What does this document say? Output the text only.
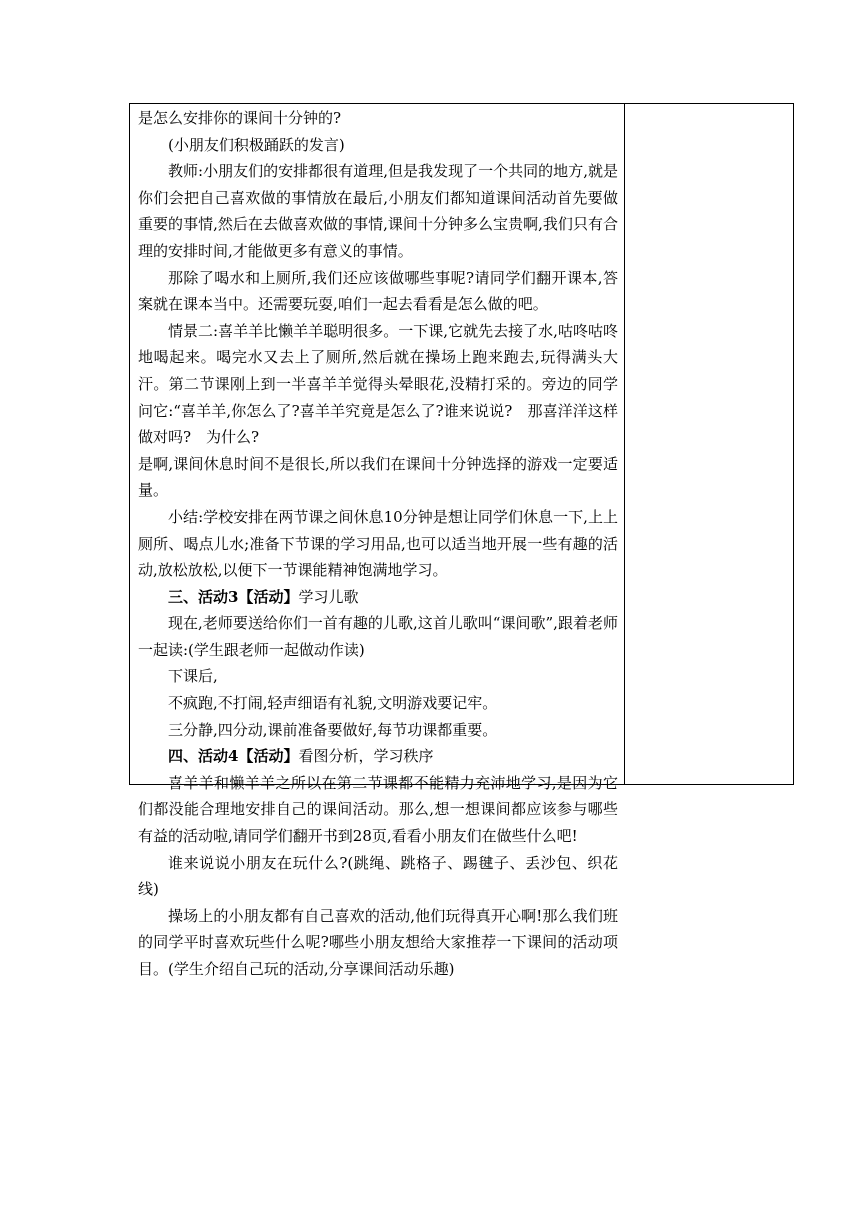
是怎么安排你的课间十分钟的?

(小朋友们积极踊跃的发言)

教师:小朋友们的安排都很有道理,但是我发现了一个共同的地方,就是你们会把自己喜欢做的事情放在最后,小朋友们都知道课间活动首先要做重要的事情,然后在去做喜欢做的事情,课间十分钟多么宝贵啊,我们只有合理的安排时间,才能做更多有意义的事情。

那除了喝水和上厕所,我们还应该做哪些事呢?请同学们翻开课本,答案就在课本当中。还需要玩耍,咱们一起去看看是怎么做的吧。

情景二:喜羊羊比懒羊羊聪明很多。一下课,它就先去接了水,咕咚咕咚地喝起来。喝完水又去上了厕所,然后就在操场上跑来跑去,玩得满头大汗。第二节课刚上到一半喜羊羊觉得头晕眼花,没精打采的。旁边的同学问它:“喜羊羊,你怎么了?喜羊羊究竟是怎么了?谁来说说?　那喜洋洋这样做对吗?　为什么?

是啊,课间休息时间不是很长,所以我们在课间十分钟选择的游戏一定要适量。

小结:学校安排在两节课之间休息10分钟是想让同学们休息一下,上上厕所、喝点儿水;准备下节课的学习用品,也可以适当地开展一些有趣的活动,放松放松,以便下一节课能精神饱满地学习。

三、活动3【活动】学习儿歌

现在,老师要送给你们一首有趣的儿歌,这首儿歌叫“课间歌”,跟着老师一起读:(学生跟老师一起做动作读)

下课后,

不疯跑,不打闹,轻声细语有礼貌,文明游戏要记牢。

三分静,四分动,课前准备要做好,每节功课都重要。

四、活动4【活动】看图分析，学习秩序

喜羊羊和懒羊羊之所以在第二节课都不能精力充沛地学习,是因为它们都没能合理地安排自己的课间活动。那么,想一想课间都应该参与哪些有益的活动啦,请同学们翻开书到28页,看看小朋友们在做些什么吧!

谁来说说小朋友在玩什么?(跳绳、跳格子、踢毽子、丢沙包、织花线)

操场上的小朋友都有自己喜欢的活动,他们玩得真开心啊!那么我们班的同学平时喜欢玩些什么呢?哪些小朋友想给大家推荐一下课间的活动项目。(学生介绍自己玩的活动,分享课间活动乐趣)
